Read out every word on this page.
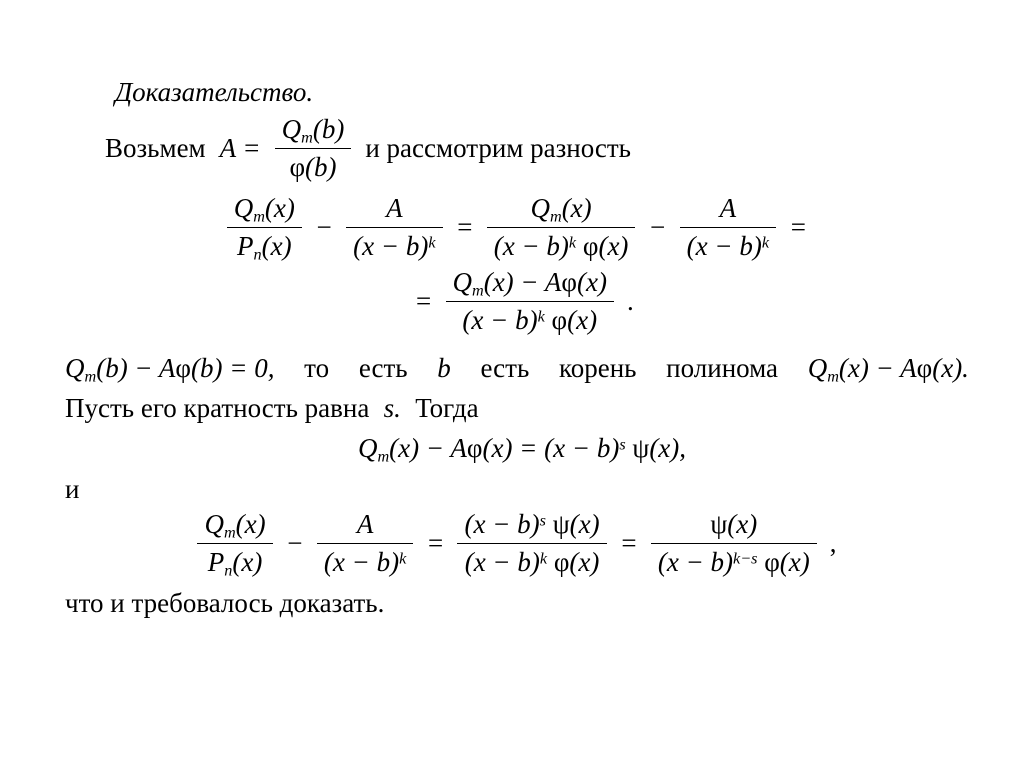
Доказательство.

Возьмем $A = \frac{Q_m(b)}{\varphi(b)}$ и рассмотрим разность
$\frac{Q_m(x)}{P_n(x)} - \frac{A}{(x - b)^k} = \frac{Q_m(x)}{(x - b)^k \varphi(x)} - \frac{A}{(x - b)^k}$ =
= $\frac{Q_m(x) - A\varphi(x)}{(x - b)^k \varphi(x)}$ .
$Q_m(b) - A\varphi(b) = 0$, то есть b есть корень полинома $Q_m(x) - A\varphi(x)$.
Пусть его кратность равна s. Тогда
$Q_m(x) - A\varphi(x) = (x - b)^s$ ψ(x),
и
$\frac{Q_m(x)}{P_n(x)} - \frac{A}{(x - b)^k} = \frac{(x - b)^s \psi(x)}{(x - b)^k \varphi(x)} = \frac{\psi(x)}{(x - b)^{k-s} \varphi(x)}$ ,
что и требовалось доказать.
